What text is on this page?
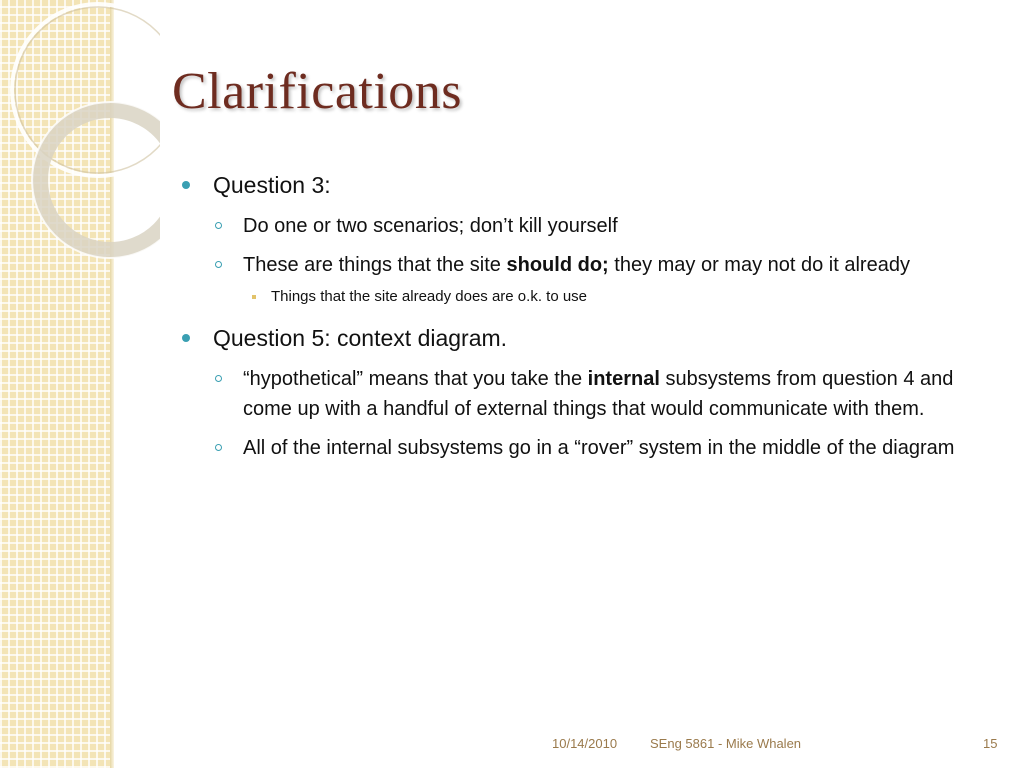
Clarifications
Question 3:
Do one or two scenarios; don’t kill yourself
These are things that the site should do; they may or may not do it already
Things that the site already does are o.k. to use
Question 5: context diagram.
“hypothetical” means that you take the internal subsystems from question 4 and come up with a handful of external things that would communicate with them.
All of the internal subsystems go in a “rover” system in the middle of the diagram
10/14/2010	SEng 5861 - Mike Whalen	15
